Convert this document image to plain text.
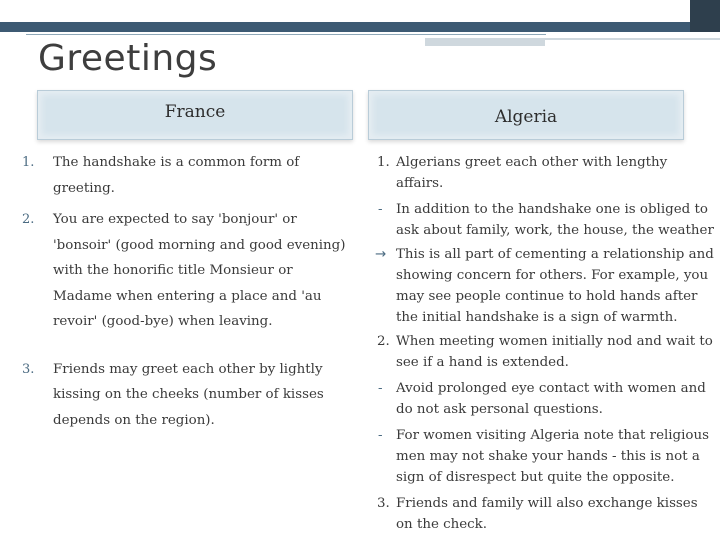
Greetings
France	Algeria
1.	The handshake is a common form of greeting.
2.	You are expected to say 'bonjour' or 'bonsoir' (good morning and good evening) with the honorific title Monsieur or Madame when entering a place and 'au revoir' (good-bye) when leaving.
3.	Friends may greet each other by lightly kissing on the cheeks (number of kisses depends on the region).
1. Algerians greet each other with lengthy affairs.
-	In addition to the handshake one is obliged to ask about family, work, the house, the weather
→ This is all part of cementing a relationship and showing concern for others. For example, you may see people continue to hold hands after the initial handshake is a sign of warmth.
2. When meeting women initially nod and wait to see if a hand is extended.
-	Avoid prolonged eye contact with women and do not ask personal questions.
-	For women visiting Algeria note that religious men may not shake your hands - this is not a sign of disrespect but quite the opposite.
3. Friends and family will also exchange kisses on the check.
